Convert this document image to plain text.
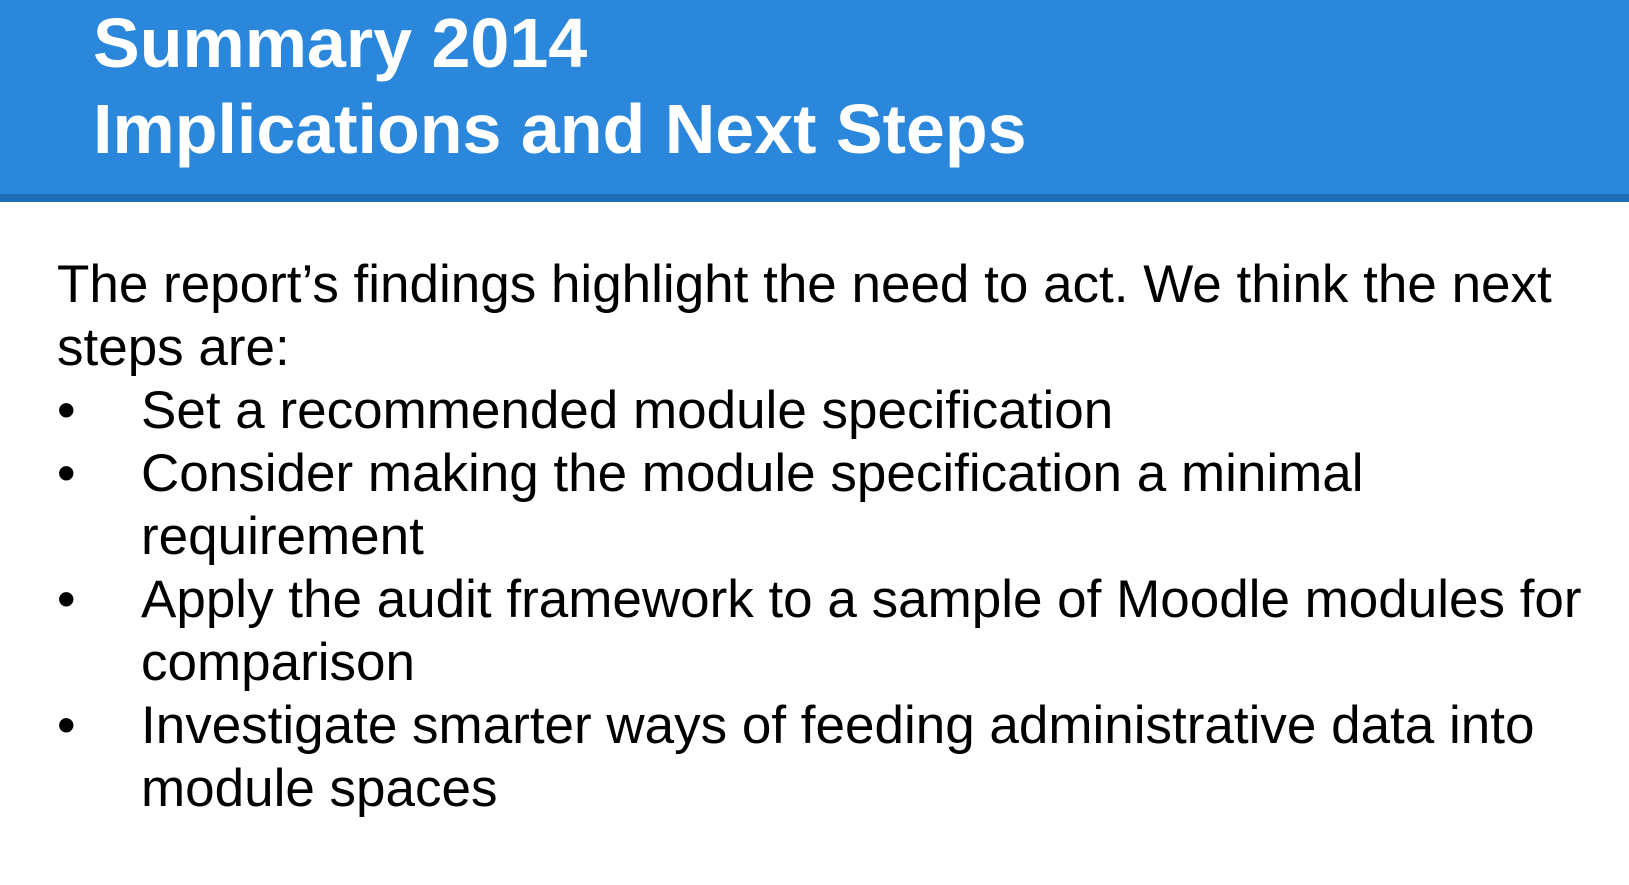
Summary 2014
Implications and Next Steps

The report’s findings highlight the need to act. We think the next steps are:

• Set a recommended module specification
• Consider making the module specification a minimal requirement
• Apply the audit framework to a sample of Moodle modules for comparison
• Investigate smarter ways of feeding administrative data into module spaces
